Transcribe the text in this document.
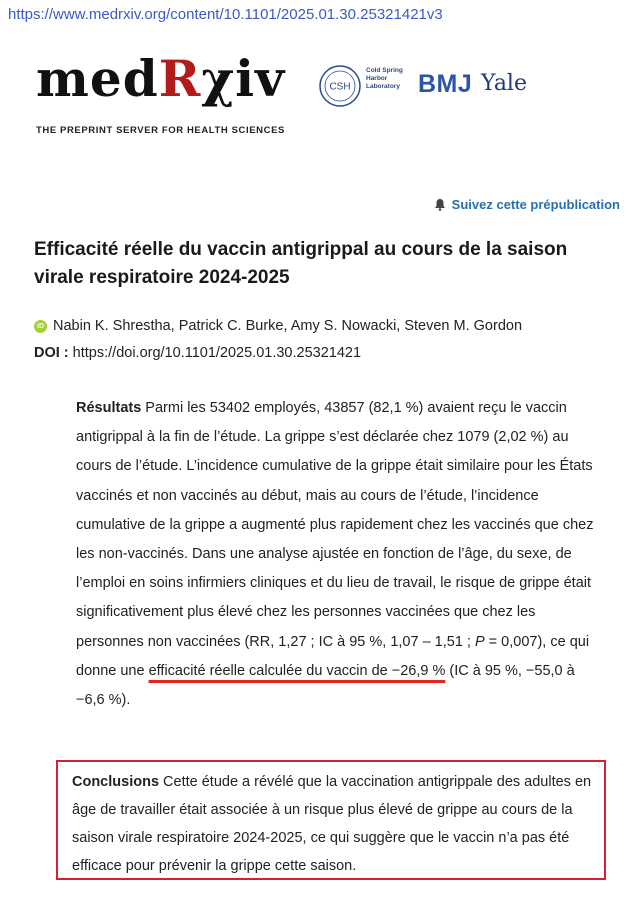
https://www.medrxiv.org/content/10.1101/2025.01.30.25321421v3
medRχiv
THE PREPRINT SERVER FOR HEALTH SCIENCES
CSH
Cold Spring Harbor Laboratory BMJ Yale
Suivez cette prépublication
Efficacité réelle du vaccin antigrippal au cours de la saison virale respiratoire 2024-2025
iD Nabin K. Shrestha, Patrick C. Burke, Amy S. Nowacki, Steven M. Gordon
DOI : https://doi.org/10.1101/2025.01.30.25321421
Résultats Parmi les 53402 employés, 43857 (82,1 %) avaient reçu le vaccin antigrippal à la fin de l’étude. La grippe s’est déclarée chez 1079 (2,02 %) au cours de l’étude. L’incidence cumulative de la grippe était similaire pour les États vaccinés et non vaccinés au début, mais au cours de l’étude, l’incidence cumulative de la grippe a augmenté plus rapidement chez les vaccinés que chez les non-vaccinés. Dans une analyse ajustée en fonction de l’âge, du sexe, de l’emploi en soins infirmiers cliniques et du lieu de travail, le risque de grippe était significativement plus élevé chez les personnes vaccinées que chez les personnes non vaccinées (RR, 1,27 ; IC à 95 %, 1,07 – 1,51 ; P = 0,007), ce qui donne une efficacité réelle calculée du vaccin de −26,9 % (IC à 95 %, −55,0 à −6,6 %).
Conclusions Cette étude a révélé que la vaccination antigrippale des adultes en âge de travailler était associée à un risque plus élevé de grippe au cours de la saison virale respiratoire 2024-2025, ce qui suggère que le vaccin n’a pas été efficace pour prévenir la grippe cette saison.
